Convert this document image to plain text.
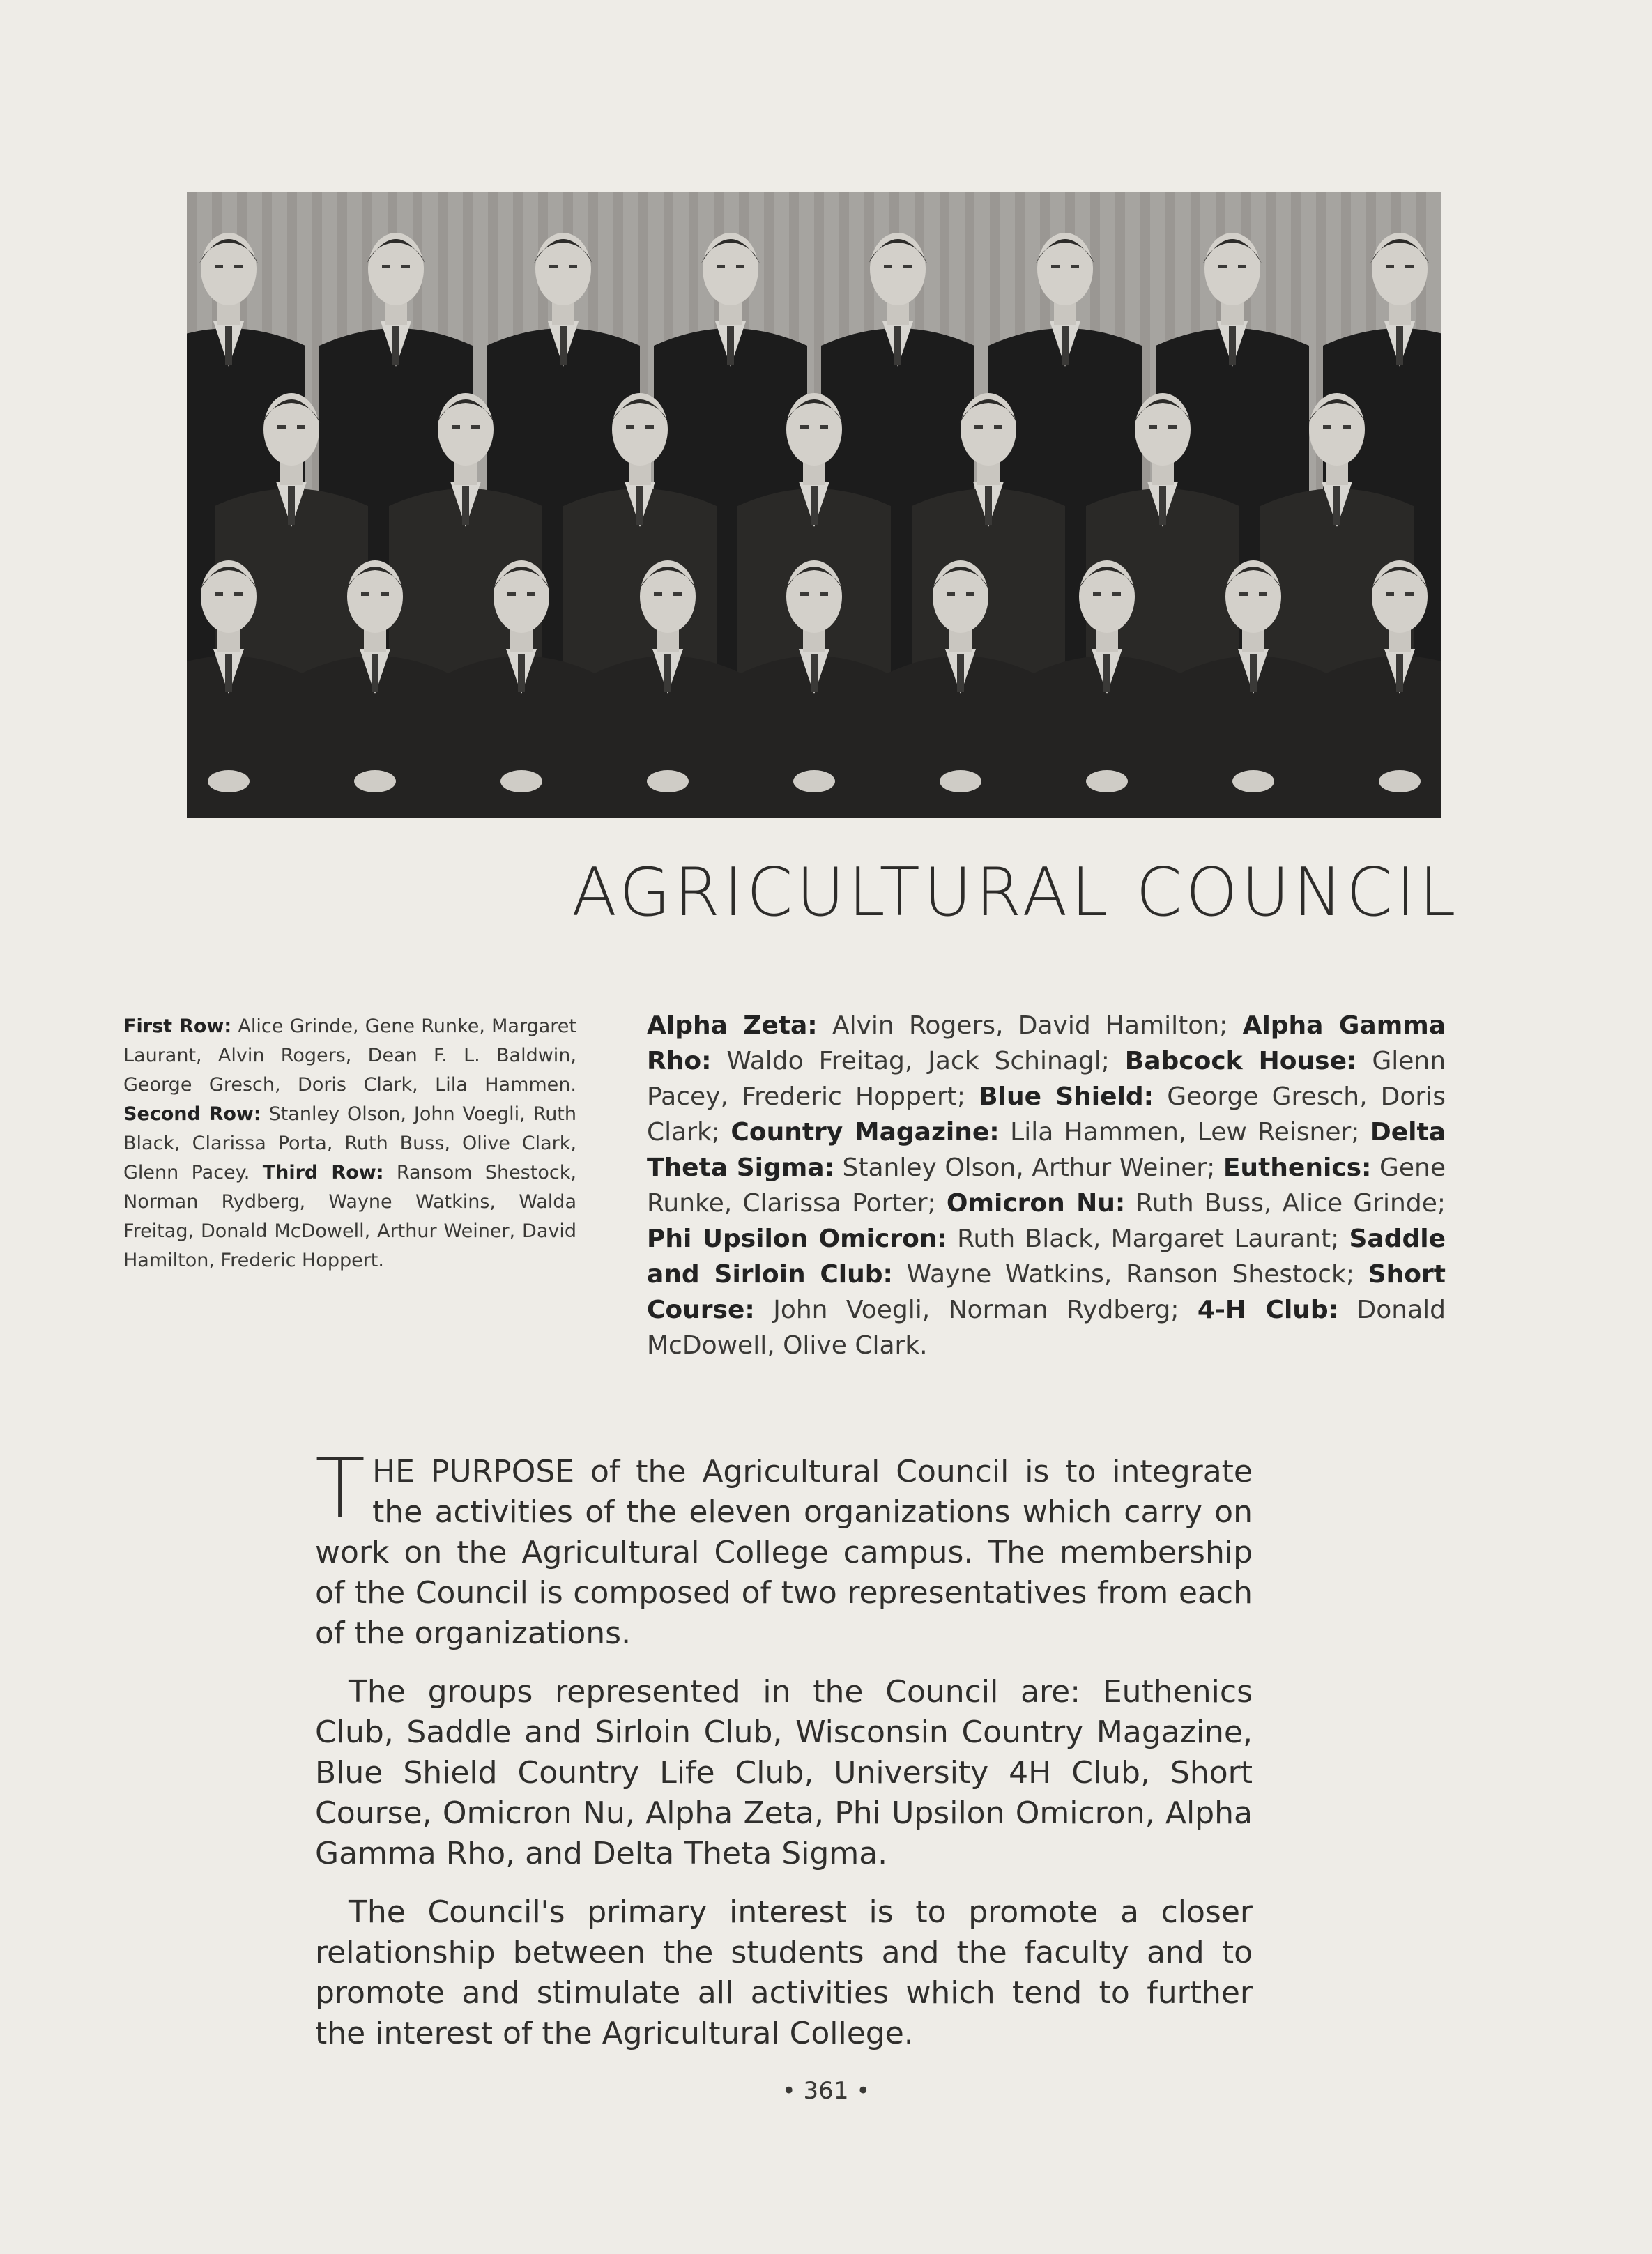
AGRICULTURAL COUNCIL
First Row: Alice Grinde, Gene Runke, Margaret Laurant, Alvin Rogers, Dean F. L. Baldwin, George Gresch, Doris Clark, Lila Hammen. Second Row: Stanley Olson, John Voegli, Ruth Black, Clarissa Porta, Ruth Buss, Olive Clark, Glenn Pacey. Third Row: Ransom Shestock, Norman Rydberg, Wayne Watkins, Walda Freitag, Donald McDowell, Arthur Weiner, David Hamilton, Frederic Hoppert.
Alpha Zeta: Alvin Rogers, David Hamilton; Alpha Gamma Rho: Waldo Freitag, Jack Schinagl; Babcock House: Glenn Pacey, Frederic Hoppert; Blue Shield: George Gresch, Doris Clark; Country Magazine: Lila Hammen, Lew Reisner; Delta Theta Sigma: Stanley Olson, Arthur Weiner; Euthenics: Gene Runke, Clarissa Porter; Omicron Nu: Ruth Buss, Alice Grinde; Phi Upsilon Omicron: Ruth Black, Margaret Laurant; Saddle and Sirloin Club: Wayne Watkins, Ranson Shestock; Short Course: John Voegli, Norman Rydberg; 4-H Club: Donald McDowell, Olive Clark.

THE PURPOSE of the Agricultural Council is to integrate the activities of the eleven organizations which carry on work on the Agricultural College campus. The membership of the Council is composed of two representatives from each of the organizations.

The groups represented in the Council are: Euthenics Club, Saddle and Sirloin Club, Wisconsin Country Magazine, Blue Shield Country Life Club, University 4H Club, Short Course, Omicron Nu, Alpha Zeta, Phi Upsilon Omicron, Alpha Gamma Rho, and Delta Theta Sigma.

The Council's primary interest is to promote a closer relationship between the students and the faculty and to promote and stimulate all activities which tend to further the interest of the Agricultural College.

• 361 •
